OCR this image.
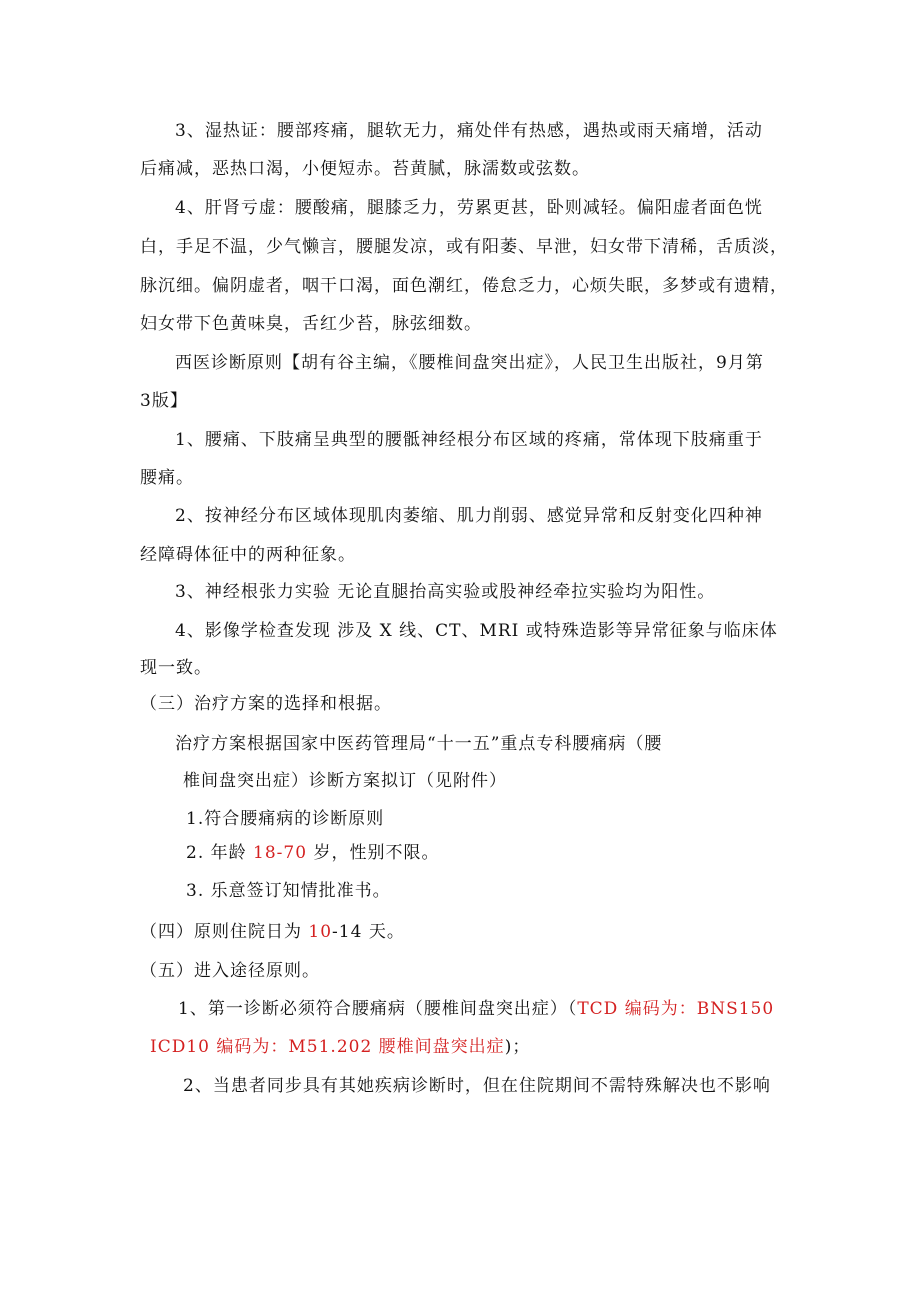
3、湿热证：腰部疼痛，腿软无力，痛处伴有热感，遇热或雨天痛增，活动
后痛减，恶热口渴，小便短赤。苔黄腻，脉濡数或弦数。
4、肝肾亏虚：腰酸痛，腿膝乏力，劳累更甚，卧则减轻。偏阳虚者面色恍
白，手足不温，少气懒言，腰腿发凉，或有阳萎、早泄，妇女带下清稀，舌质淡，
脉沉细。偏阴虚者，咽干口渴，面色潮红，倦怠乏力，心烦失眠，多梦或有遗精，
妇女带下色黄味臭，舌红少苔，脉弦细数。
西医诊断原则【胡有谷主编，《腰椎间盘突出症》，人民卫生出版社，9月第
3版】
1、腰痛、下肢痛呈典型的腰骶神经根分布区域的疼痛，常体现下肢痛重于
腰痛。
2、按神经分布区域体现肌肉萎缩、肌力削弱、感觉异常和反射变化四种神
经障碍体征中的两种征象。
3、神经根张力实验 无论直腿抬高实验或股神经牵拉实验均为阳性。
4、影像学检查发现 涉及 X 线、CT、MRI 或特殊造影等异常征象与临床体
现一致。
（三）治疗方案的选择和根据。
治疗方案根据国家中医药管理局“十一五”重点专科腰痛病（腰
椎间盘突出症）诊断方案拟订（见附件）
1.符合腰痛病的诊断原则
2. 年龄 18-70 岁，性别不限。
3. 乐意签订知情批准书。
（四）原则住院日为 10-14 天。
（五）进入途径原则。
1、第一诊断必须符合腰痛病（腰椎间盘突出症）（TCD 编码为：BNS150
ICD10 编码为：M51.202 腰椎间盘突出症)；
2、当患者同步具有其她疾病诊断时，但在住院期间不需特殊解决也不影响
